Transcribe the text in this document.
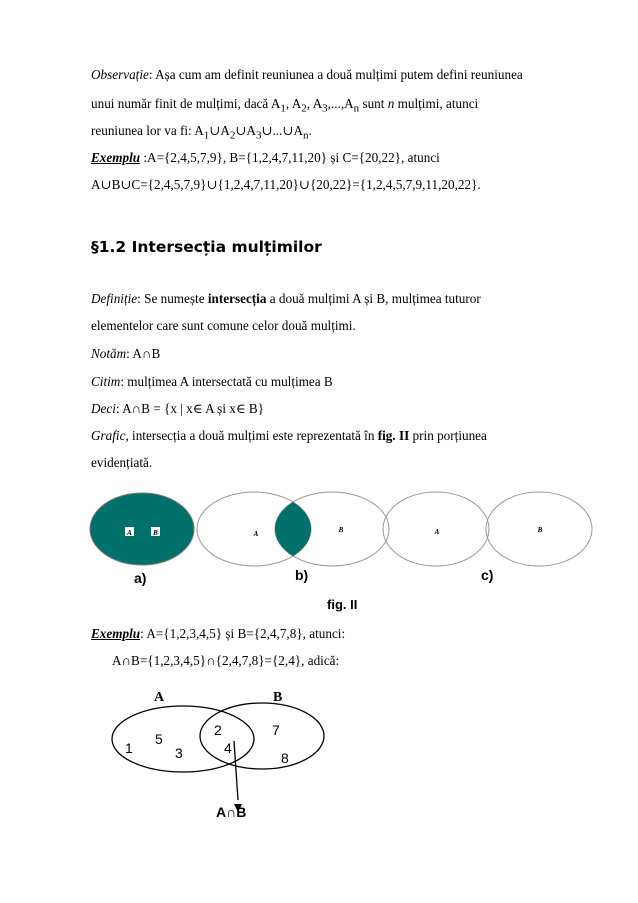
Observație: Așa cum am definit reuniunea a două mulțimi putem defini reuniunea
unui număr finit de mulțimi, dacă $A_1$, $A_2$, $A_3,...,A_n$ sunt n mulțimi, atunci
reuniunea lor va fi: $A_1\cup A_2\cup A_3\cup...\cup A_n$.
Exemplu :A={2,4,5,7,9}, B={1,2,4,7,11,20} și C={20,22}, atunci
A∪B∪C={2,4,5,7,9}∪{1,2,4,7,11,20}∪{20,22}={1,2,4,5,7,9,11,20,22}.
§1.2 Intersecția mulțimilor
Definiție: Se numește intersecția a două mulțimi A și B, mulțimea tuturor
elementelor care sunt comune celor două mulțimi.
Notăm: A∩B
Citim: mulțimea A intersectată cu mulțimea B
Deci: A∩B = {x | x∈ A și x∈ B}
Grafic, intersecția a două mulțimi este reprezentată în fig. II prin porțiunea
evidențiată.
A	B	A	B	A	B
a)	b)	c)
fig. II
Exemplu: A={1,2,3,4,5} și B={2,4,7,8}, atunci:
A∩B={1,2,3,4,5}∩{2,4,7,8}={2,4}, adică:
A	B
1
5
3
2
4
7
8
A∩B
